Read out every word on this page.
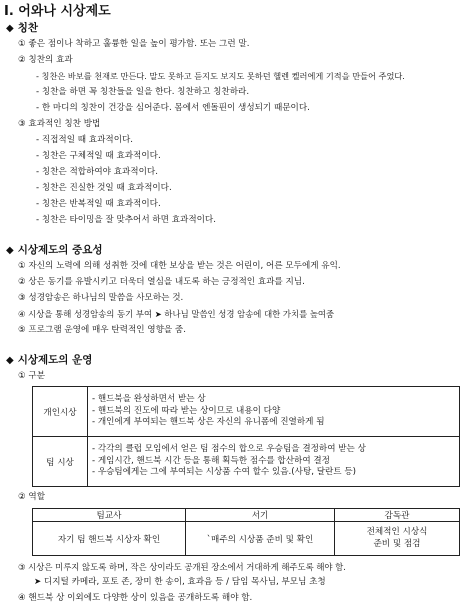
I. 어와나 시상제도
◆ 칭찬
① 좋은 점이나 착하고 훌륭한 일을 높이 평가함. 또는 그런 말.
② 칭찬의 효과
- 칭찬은 바보를 천재로 만든다. 말도 못하고 듣지도 보지도 못하던 헬렌 켈러에게 기적을 만들어 주었다.
- 칭찬을 하면 꼭 칭찬들을 일을 한다. 칭찬하고 칭찬하라.
- 한 마디의 칭찬이 건강을 심어준다. 몸에서 엔돌핀이 생성되기 때문이다.
③ 효과적인 칭찬 방법
- 직접적일 때 효과적이다.
- 칭찬은 구체적일 때 효과적이다.
- 칭찬은 적합하여야 효과적이다.
- 칭찬은 진실한 것일 때 효과적이다.
- 칭찬은 반복적일 때 효과적이다.
- 칭찬은 타이밍을 잘 맞추어서 하면 효과적이다.
◆ 시상제도의 중요성
① 자신의 노력에 의해 성취한 것에 대한 보상을 받는 것은 어린이, 어른 모두에게 유익.
② 상은 동기를 유발시키고 더욱더 열심을 내도록 하는 긍정적인 효과를 지님.
③ 성경암송은 하나님의 말씀을 사모하는 것.
④ 시상을 통해 성경암송의 동기 부여 ➤ 하나님 말씀인 성경 암송에 대한 가치를 높여줌
⑤ 프로그램 운영에 매우 탄력적인 영향을 줌.
◆ 시상제도의 운영
① 구분
개인시상	- 핸드북을 완성하면서 받는 상
- 핸드북의 진도에 따라 받는 상이므로 내용이 다양
- 개인에게 부여되는 핸드북 상은 자신의 유니폼에 진열하게 됨

팀 시상	- 각각의 클럽 모임에서 얻은 팀 점수의 합으로 우승팀을 결정하여 받는 상
- 게임시간, 핸드북 시간 등을 통해 획득한 점수를 합산하여 결정
- 우승팀에게는 그에 부여되는 시상품 수여 할수 있음.(사탕, 달란트 등)
② 역할
팀교사	서기	감독관
자기 팀 핸드북 시상자 확인	`매주의 시상품 준비 및 확인	전체적인 시상식
준비 및 점검
③ 시상은 미루지 않도록 하며, 작은 상이라도 공개된 장소에서 거대하게 해주도록 해야 함.
➤ 디지털 카메라, 포토 존, 장미 한 송이, 효과음 등 / 담임 목사님, 부모님 초청
④ 핸드북 상 이외에도 다양한 상이 있음을 공개하도록 해야 함.
